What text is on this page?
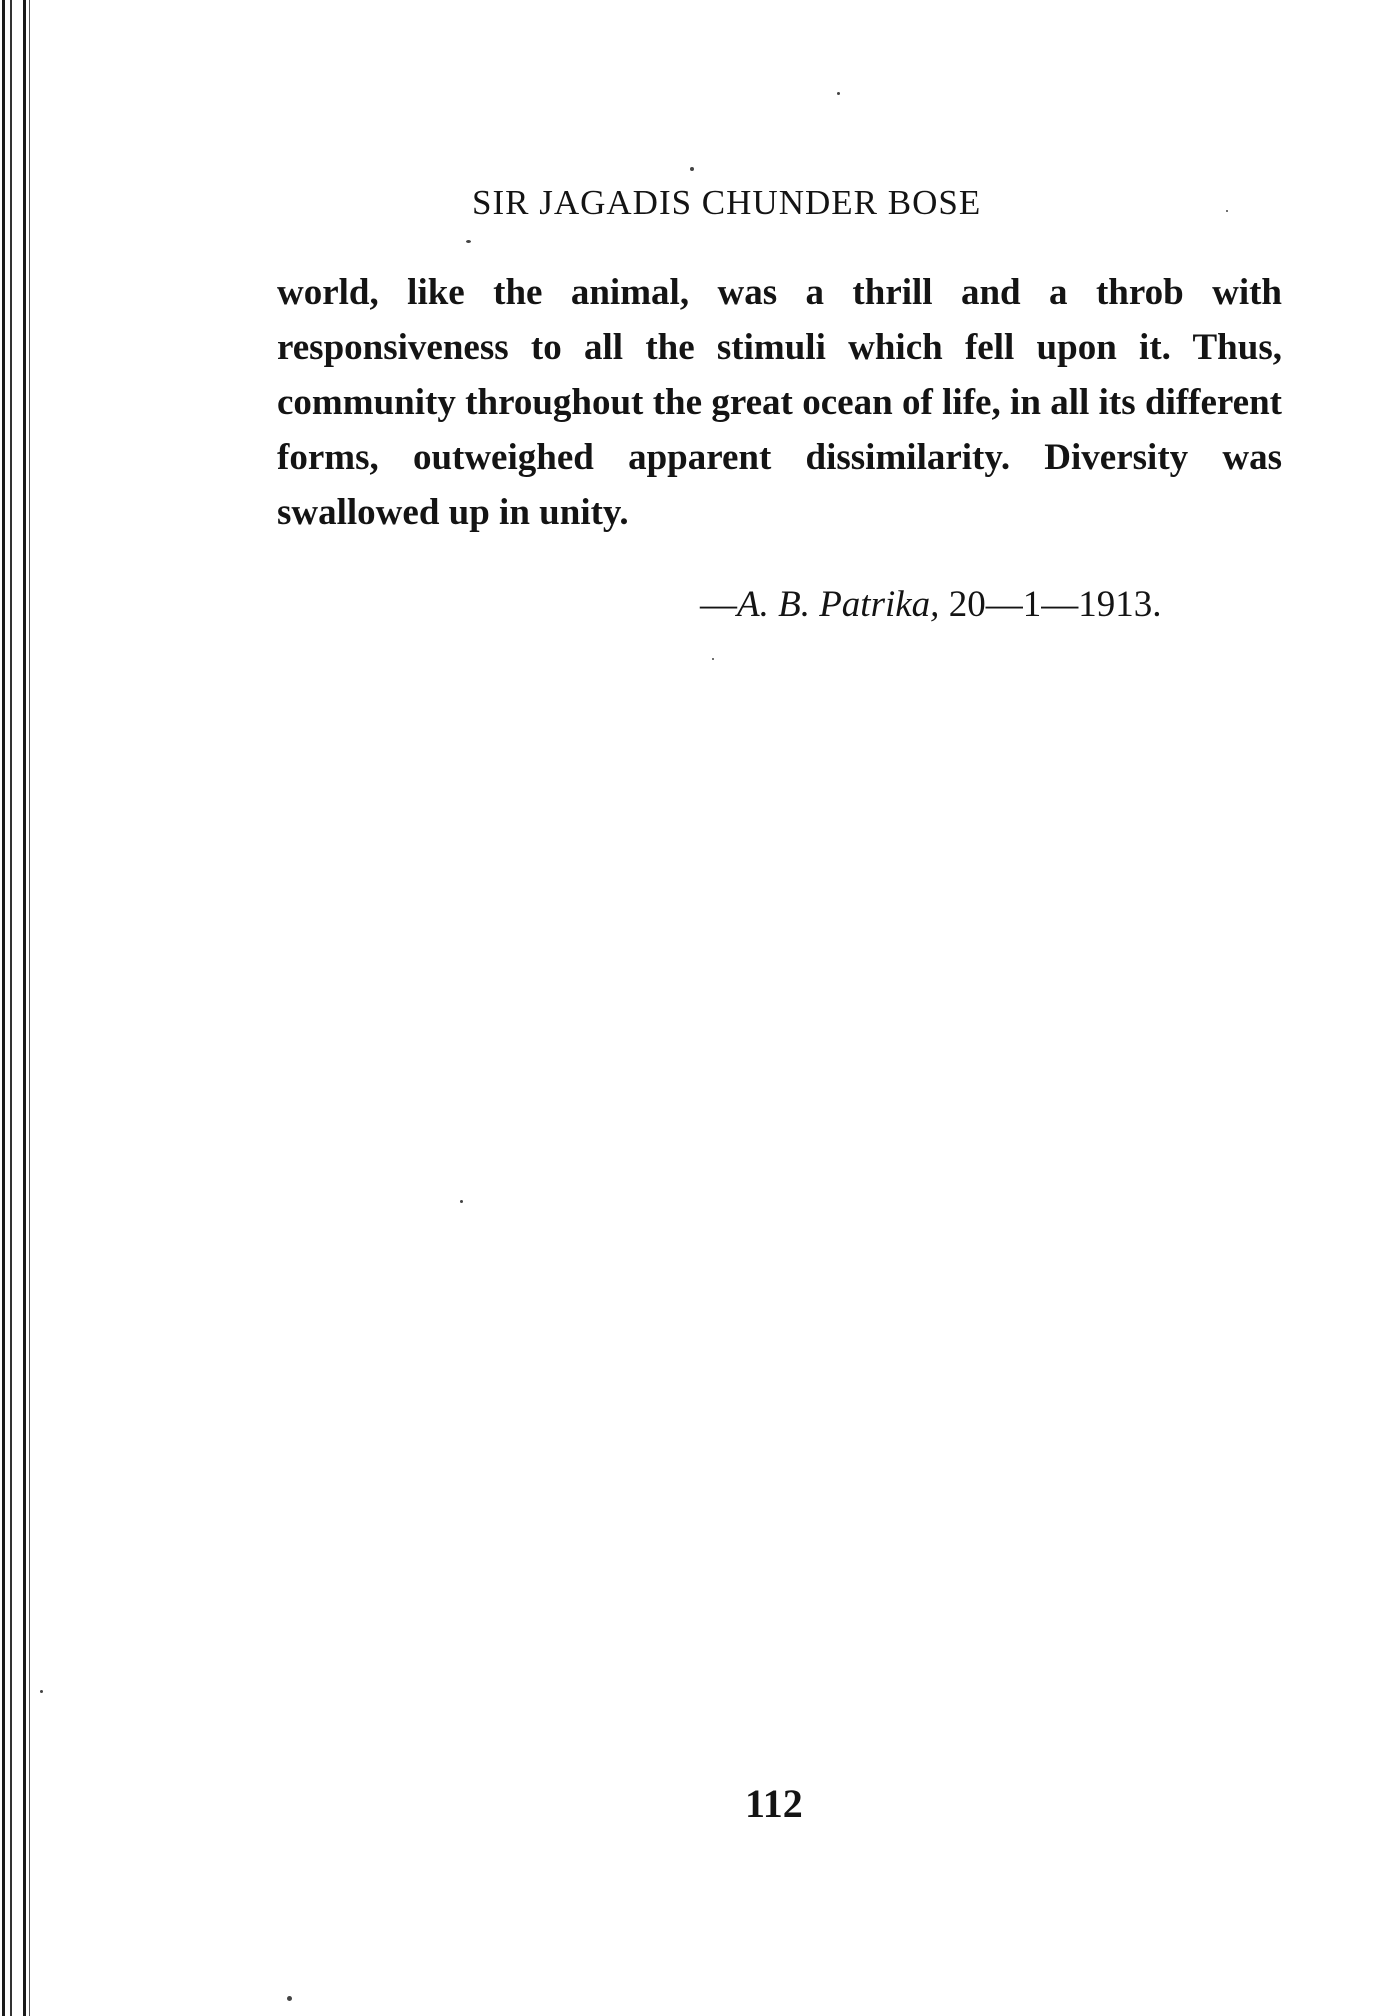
SIR JAGADIS CHUNDER BOSE

world, like the animal, was a thrill and a throb with responsiveness to all the stimuli which fell upon it. Thus, community throughout the great ocean of life, in all its different forms, outweighed apparent dissimilarity. Diversity was swallowed up in unity.

—A. B. Patrika, 20—1—1913.
112
